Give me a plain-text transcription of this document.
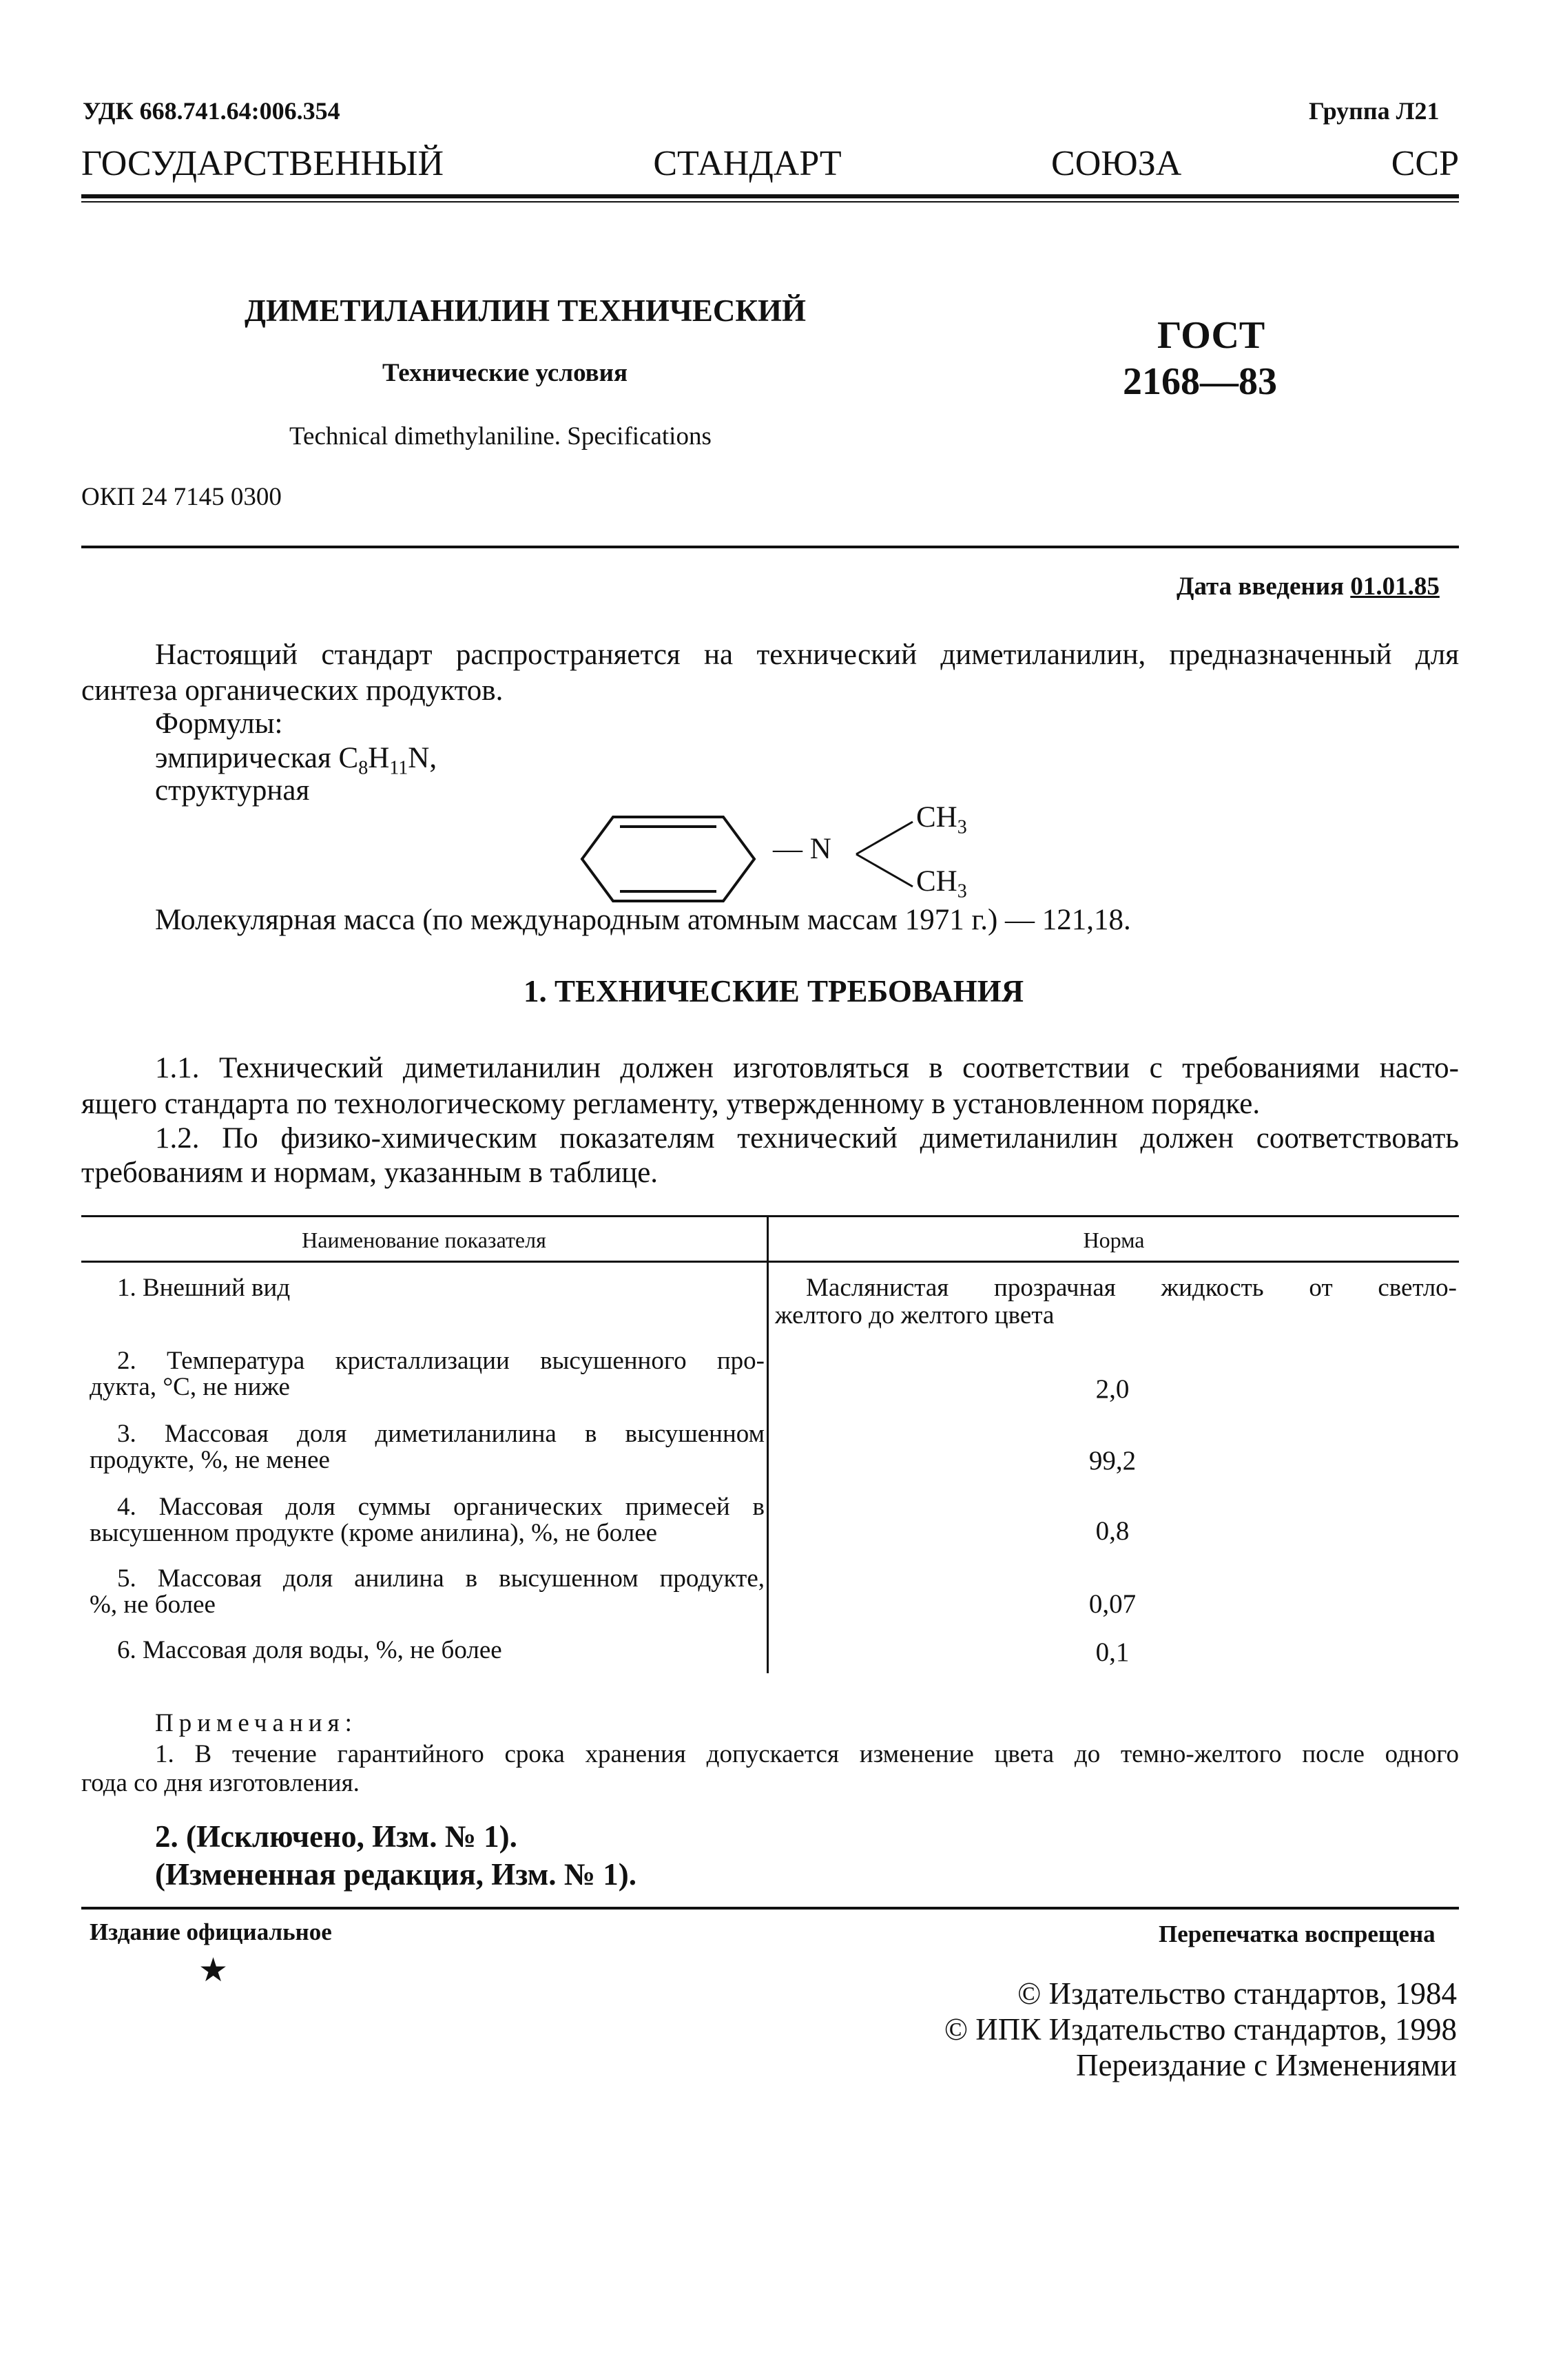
УДК 668.741.64:006.354	Группа Л21
ГОСУДАРСТВЕННЫЙ СТАНДАРТ СОЮЗА ССР
ДИМЕТИЛАНИЛИН ТЕХНИЧЕСКИЙ
Технические условия
Technical dimethylaniline. Specifications
ОКП 24 7145 0300
ГОСТ
2168—83
Дата введения 01.01.85
Настоящий стандарт распространяется на технический диметиланилин, предназначенный для
синтеза органических продуктов.
Формулы:
эмпирическая $C_8H_{11}N$,
структурная
— N
$CH_3$
$CH_3$
Молекулярная масса (по международным атомным массам 1971 г.) — 121,18.
1. ТЕХНИЧЕСКИЕ ТРЕБОВАНИЯ
1.1. Технический диметиланилин должен изготовляться в соответствии с требованиями насто-
ящего стандарта по технологическому регламенту, утвержденному в установленном порядке.
1.2. По физико-химическим показателям технический диметиланилин должен соответствовать
требованиям и нормам, указанным в таблице.
Наименование показателя	Норма
1. Внешний вид	Маслянистая прозрачная жидкость от светло-
желтого до желтого цвета
2. Температура кристаллизации высушенного про-
дукта, °С, не ниже	2,0
3. Массовая доля диметиланилина в высушенном
продукте, %, не менее	99,2
4. Массовая доля суммы органических примесей в
высушенном продукте (кроме анилина), %, не более	0,8
5. Массовая доля анилина в высушенном продукте,
%, не более	0,07
6. Массовая доля воды, %, не более	0,1
Примечания:
1. В течение гарантийного срока хранения допускается изменение цвета до темно-желтого после одного
года со дня изготовления.
2. (Исключено, Изм. № 1).
(Измененная редакция, Изм. № 1).
Издание официальное	Перепечатка воспрещена
★
© Издательство стандартов, 1984
© ИПК Издательство стандартов, 1998
Переиздание с Изменениями
